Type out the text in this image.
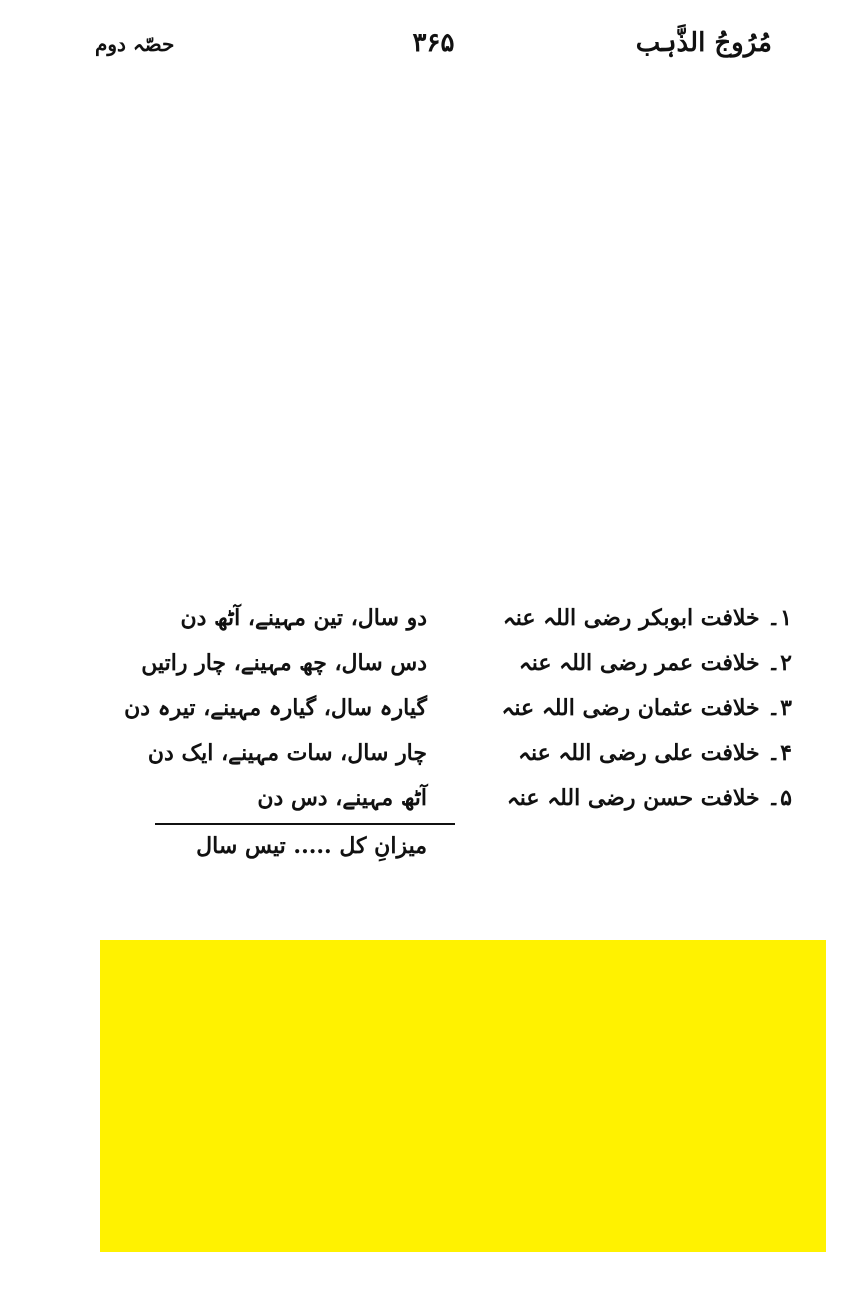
مُرُوجُ الذَّہب
۳۶۵
حصّہ دوم
۱۔ خلافت ابوبکر رضی اللہ عنہ
دو سال، تین مہینے، آٹھ دن
۲۔ خلافت عمر رضی اللہ عنہ
دس سال، چھ مہینے، چار راتیں
۳۔ خلافت عثمان رضی اللہ عنہ
گیارہ سال، گیارہ مہینے، تیرہ دن
۴۔ خلافت علی رضی اللہ عنہ
چار سال، سات مہینے، ایک دن
۵۔ خلافت حسن رضی اللہ عنہ
آٹھ مہینے، دس دن
میزانِ کل ..... تیس سال
